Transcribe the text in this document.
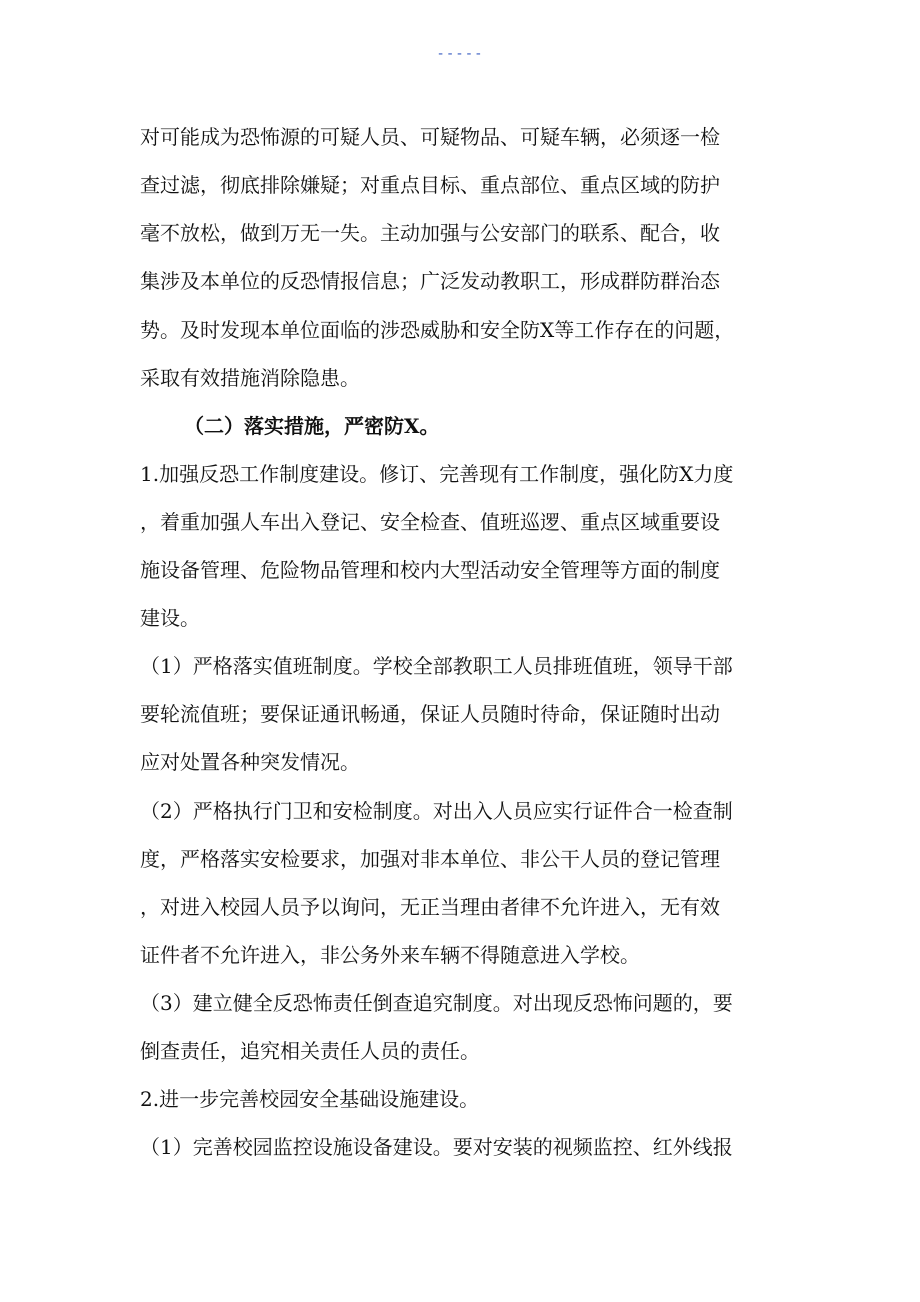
-----
对可能成为恐怖源的可疑人员、可疑物品、可疑车辆，必须逐一检
查过滤，彻底排除嫌疑；对重点目标、重点部位、重点区域的防护
毫不放松，做到万无一失。主动加强与公安部门的联系、配合，收
集涉及本单位的反恐情报信息；广泛发动教职工，形成群防群治态
势。及时发现本单位面临的涉恐威胁和安全防X等工作存在的问题，
采取有效措施消除隐患。
（二）落实措施，严密防X。
1.加强反恐工作制度建设。修订、完善现有工作制度，强化防X力度
，着重加强人车出入登记、安全检查、值班巡逻、重点区域重要设
施设备管理、危险物品管理和校内大型活动安全管理等方面的制度
建设。
（1）严格落实值班制度。学校全部教职工人员排班值班，领导干部
要轮流值班；要保证通讯畅通，保证人员随时待命，保证随时出动
应对处置各种突发情况。
（2）严格执行门卫和安检制度。对出入人员应实行证件合一检查制
度，严格落实安检要求，加强对非本单位、非公干人员的登记管理
，对进入校园人员予以询问，无正当理由者律不允许进入，无有效
证件者不允许进入，非公务外来车辆不得随意进入学校。
（3）建立健全反恐怖责任倒查追究制度。对出现反恐怖问题的，要
倒查责任，追究相关责任人员的责任。
2.进一步完善校园安全基础设施建设。
（1）完善校园监控设施设备建设。要对安装的视频监控、红外线报
